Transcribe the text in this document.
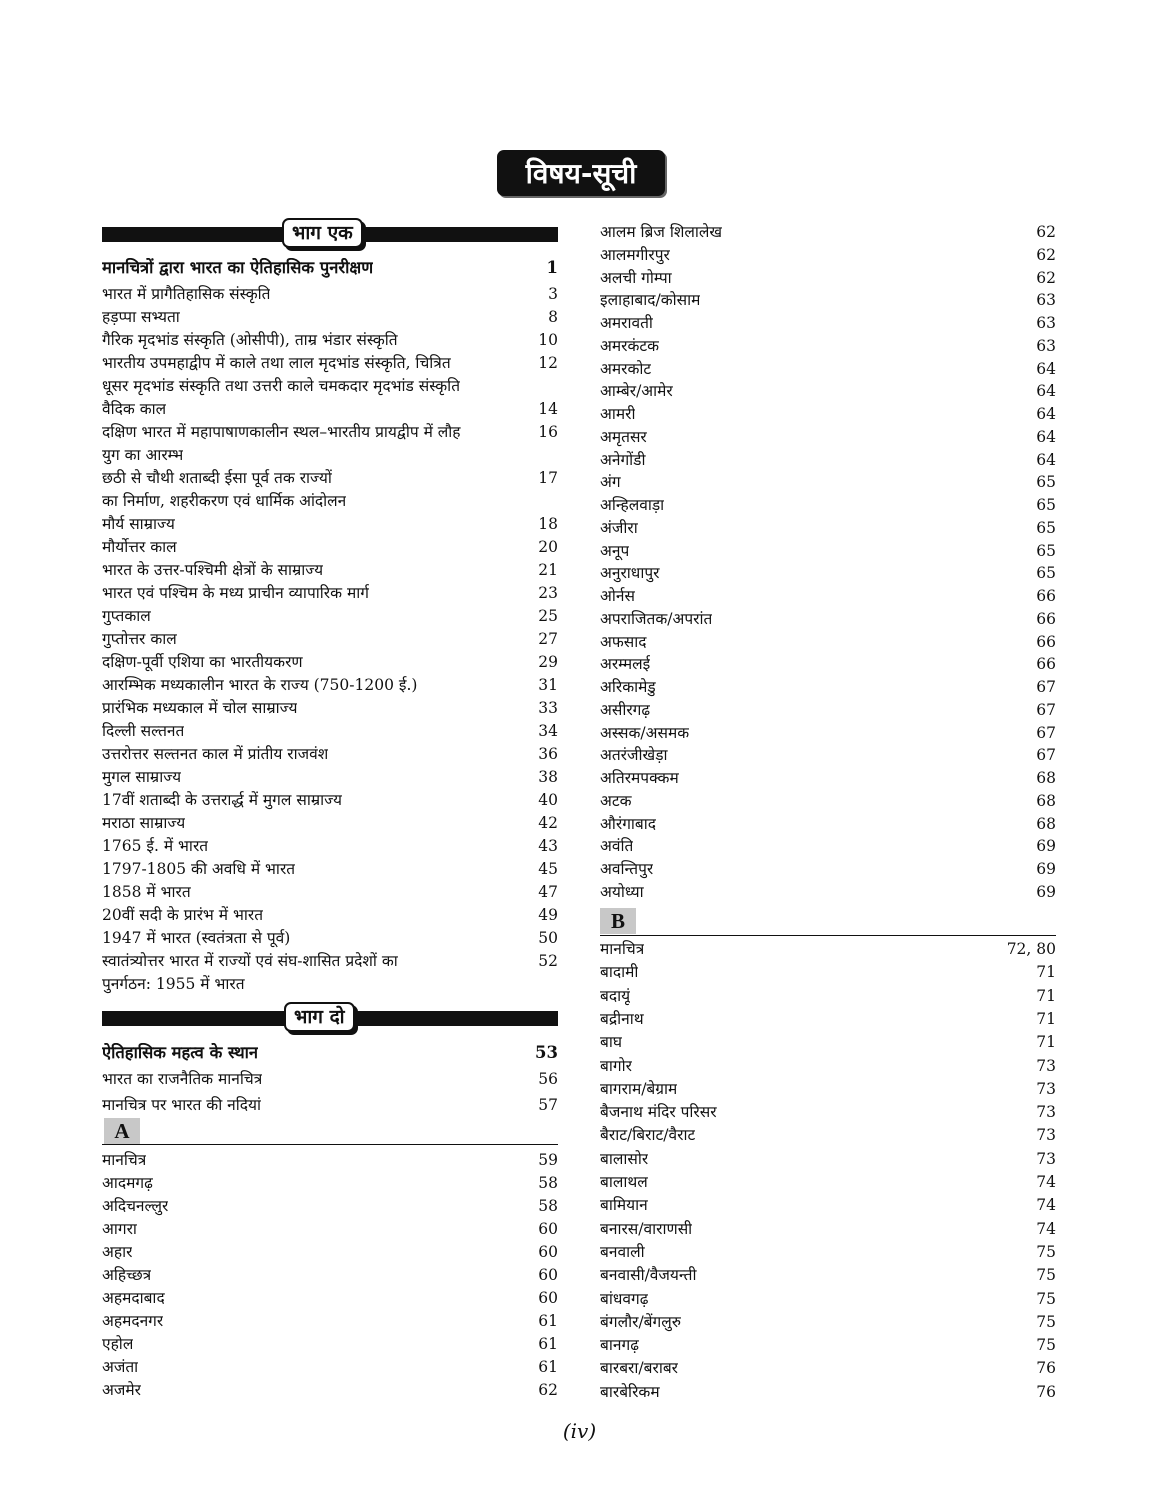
विषय-सूची
भाग एक
मानचित्रों द्वारा भारत का ऐतिहासिक पुनरीक्षण	1
भारत में प्रागैतिहासिक संस्कृति	3
हड़प्पा सभ्यता	8
गैरिक मृदभांड संस्कृति (ओसीपी), ताम्र भंडार संस्कृति	10
भारतीय उपमहाद्वीप में काले तथा लाल मृदभांड संस्कृति, चित्रित	12
धूसर मृदभांड संस्कृति तथा उत्तरी काले चमकदार मृदभांड संस्कृति
वैदिक काल	14
दक्षिण भारत में महापाषाणकालीन स्थल–भारतीय प्रायद्वीप में लौह	16
युग का आरम्भ
छठी से चौथी शताब्दी ईसा पूर्व तक राज्यों	17
का निर्माण, शहरीकरण एवं धार्मिक आंदोलन
मौर्य साम्राज्य	18
मौर्योत्तर काल	20
भारत के उत्तर-पश्चिमी क्षेत्रों के साम्राज्य	21
भारत एवं पश्चिम के मध्य प्राचीन व्यापारिक मार्ग	23
गुप्तकाल	25
गुप्तोत्तर काल	27
दक्षिण-पूर्वी एशिया का भारतीयकरण	29
आरम्भिक मध्यकालीन भारत के राज्य (750-1200 ई.)	31
प्रारंभिक मध्यकाल में चोल साम्राज्य	33
दिल्ली सल्तनत	34
उत्तरोत्तर सल्तनत काल में प्रांतीय राजवंश	36
मुगल साम्राज्य	38
17वीं शताब्दी के उत्तरार्द्ध में मुगल साम्राज्य	40
मराठा साम्राज्य	42
1765 ई. में भारत	43
1797-1805 की अवधि में भारत	45
1858 में भारत	47
20वीं सदी के प्रारंभ में भारत	49
1947 में भारत (स्वतंत्रता से पूर्व)	50
स्वातंत्र्योत्तर भारत में राज्यों एवं संघ-शासित प्रदेशों का	52
पुनर्गठन: 1955 में भारत
ऐतिहासिक महत्व के स्थान	53
भारत का राजनैतिक मानचित्र	56
मानचित्र पर भारत की नदियां	57
मानचित्र	59
आदमगढ़	58
अदिचनल्लुर	58
आगरा	60
अहार	60
अहिच्छत्र	60
अहमदाबाद	60
अहमदनगर	61
एहोल	61
अजंता	61
अजमेर	62
आलम ब्रिज शिलालेख	62
आलमगीरपुर	62
अलची गोम्पा	62
इलाहाबाद/कोसाम	63
अमरावती	63
अमरकंटक	63
अमरकोट	64
आम्बेर/आमेर	64
आमरी	64
अमृतसर	64
अनेगोंडी	64
अंग	65
अन्हिलवाड़ा	65
अंजीरा	65
अनूप	65
अनुराधापुर	65
ओर्नस	66
अपराजितक/अपरांत	66
अफसाद	66
अरम्मलई	66
अरिकामेडु	67
असीरगढ़	67
अस्सक/असमक	67
अतरंजीखेड़ा	67
अतिरमपक्कम	68
अटक	68
औरंगाबाद	68
अवंति	69
अवन्तिपुर	69
अयोध्या	69
मानचित्र	72, 80
बादामी	71
बदायूं	71
बद्रीनाथ	71
बाघ	71
बागोर	73
बागराम/बेग्राम	73
बैजनाथ मंदिर परिसर	73
बैराट/बिराट/वैराट	73
बालासोर	73
बालाथल	74
बामियान	74
बनारस/वाराणसी	74
बनवाली	75
बनवासी/वैजयन्ती	75
बांधवगढ़	75
बंगलौर/बेंगलुरु	75
बानगढ़	75
बारबरा/बराबर	76
बारबेरिकम	76
भाग दो
A
B
(iv)
